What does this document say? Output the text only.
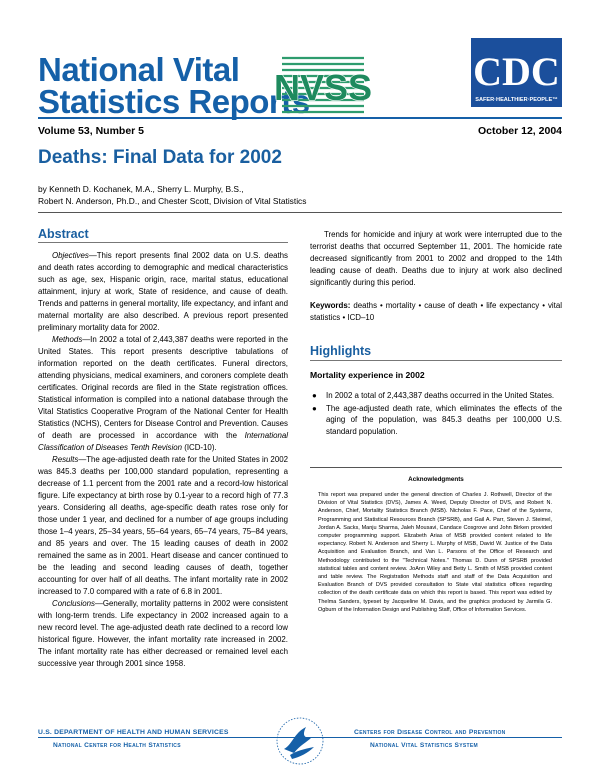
National Vital
Statistics Reports
NVSS	CDC
SAFER·HEALTHIER·PEOPLE™
Volume 53, Number 5	October 12, 2004
Deaths: Final Data for 2002
by Kenneth D. Kochanek, M.A., Sherry L. Murphy, B.S.,
Robert N. Anderson, Ph.D., and Chester Scott, Division of Vital Statistics
Abstract

Objectives—This report presents final 2002 data on U.S. deaths and death rates according to demographic and medical characteristics such as age, sex, Hispanic origin, race, marital status, educational attainment, injury at work, State of residence, and cause of death. Trends and patterns in general mortality, life expectancy, and infant and maternal mortality are also described. A previous report presented preliminary mortality data for 2002.

Methods—In 2002 a total of 2,443,387 deaths were reported in the United States. This report presents descriptive tabulations of information reported on the death certificates. Funeral directors, attending physicians, medical examiners, and coroners complete death certificates. Original records are filed in the State registration offices. Statistical information is compiled into a national database through the Vital Statistics Cooperative Program of the National Center for Health Statistics (NCHS), Centers for Disease Control and Prevention. Causes of death are processed in accordance with the International Classification of Diseases Tenth Revision (ICD-10).

Results—The age-adjusted death rate for the United States in 2002 was 845.3 deaths per 100,000 standard population, representing a decrease of 1.1 percent from the 2001 rate and a record-low historical figure. Life expectancy at birth rose by 0.1-year to a record high of 77.3 years. Considering all deaths, age-specific death rates rose only for those under 1 year, and declined for a number of age groups including those 1–4 years, 25–34 years, 55–64 years, 65–74 years, 75–84 years, and 85 years and over. The 15 leading causes of death in 2002 remained the same as in 2001. Heart disease and cancer continued to be the leading and second leading causes of death, together accounting for over half of all deaths. The infant mortality rate in 2002 increased to 7.0 compared with a rate of 6.8 in 2001.

Conclusions—Generally, mortality patterns in 2002 were consistent with long-term trends. Life expectancy in 2002 increased again to a new record level. The age-adjusted death rate declined to a record low historical figure. However, the infant mortality rate increased in 2002. The infant mortality rate has either decreased or remained level each successive year through 2001 since 1958.

Trends for homicide and injury at work were interrupted due to the terrorist deaths that occurred September 11, 2001. The homicide rate decreased significantly from 2001 to 2002 and dropped to the 14th leading cause of death. Deaths due to injury at work also declined significantly during this period.

Keywords: deaths • mortality • cause of death • life expectancy • vital statistics • ICD–10

Highlights
Mortality experience in 2002
●	In 2002 a total of 2,443,387 deaths occurred in the United States.
●	The age-adjusted death rate, which eliminates the effects of the aging of the population, was 845.3 deaths per 100,000 U.S. standard population.
Acknowledgments
This report was prepared under the general direction of Charles J. Rothwell, Director of the Division of Vital Statistics (DVS), James A. Weed, Deputy Director of DVS, and Robert N. Anderson, Chief, Mortality Statistics Branch (MSB). Nicholas F. Pace, Chief of the Systems, Programming and Statistical Resources Branch (SPSRB), and Gail A. Parr, Steven J. Steimel, Jordan A. Sacks, Manju Sharma, Jaleh Mousavi, Candace Cosgrove and John Birken provided computer programming support. Elizabeth Arias of MSB provided content related to life expectancy. Robert N. Anderson and Sherry L. Murphy of MSB, David W. Justice of the Data Acquisition and Evaluation Branch, and Van L. Parsons of the Office of Research and Methodology contributed to the "Technical Notes." Thomas D. Dunn of SPSRB provided statistical tables and content review. JoAnn Wiley and Betty L. Smith of MSB provided content and table review. The Registration Methods staff and staff of the Data Acquisition and Evaluation Branch of DVS provided consultation to State vital statistics offices regarding collection of the death certificate data on which this report is based. This report was edited by Thelma Sanders, typeset by Jacqueline M. Davis, and the graphics produced by Jarmila G. Ogburn of the Information Design and Publishing Staff, Office of Information Services.
U.S. DEPARTMENT OF HEALTH AND HUMAN SERVICES
National Center for Health Statistics
Centers for Disease Control and Prevention
National Vital Statistics System
